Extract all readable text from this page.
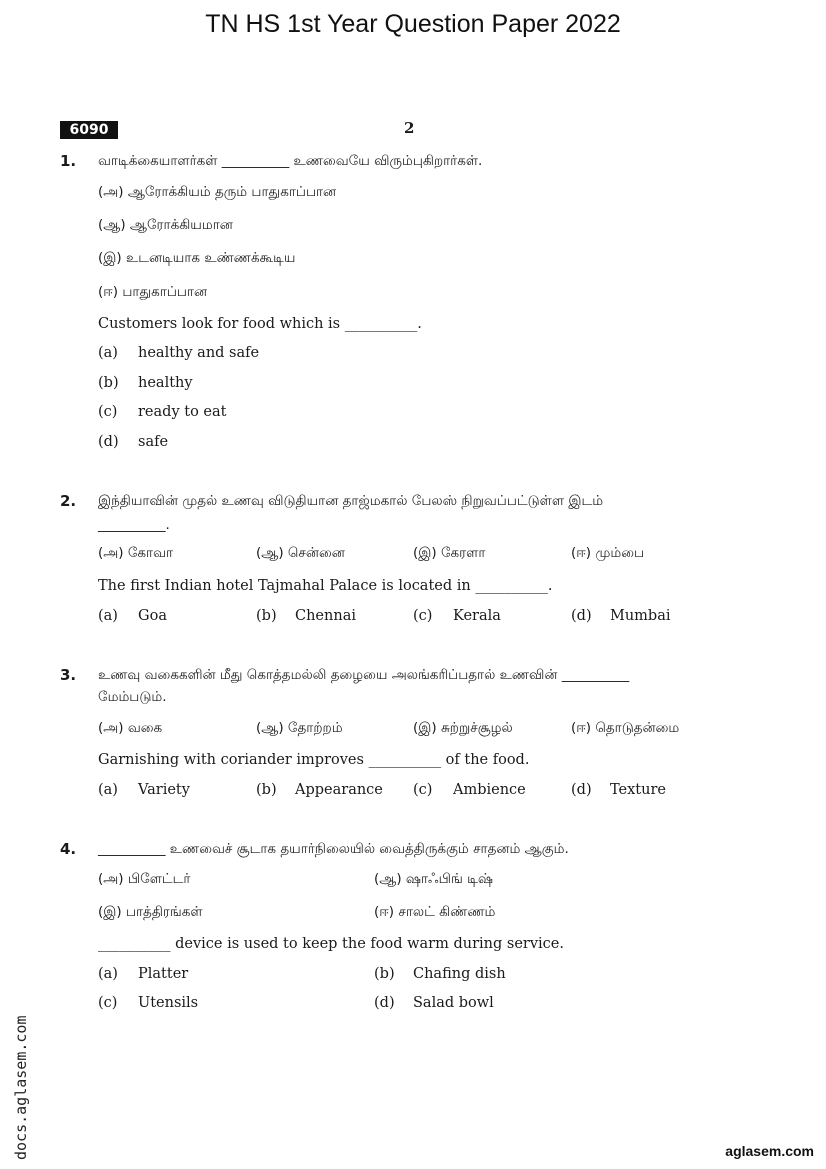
TN HS 1st Year Question Paper 2022
6090	2
1. வாடிக்கையாளர்கள் __________ உணவையே விரும்புகிறார்கள்.
(அ) ஆரோக்கியம் தரும் பாதுகாப்பான
(ஆ) ஆரோக்கியமான
(இ) உடனடியாக உண்ணக்கூடிய
(ஈ) பாதுகாப்பான
Customers look for food which is __________.
(a) healthy and safe
(b) healthy
(c) ready to eat
(d) safe
2. இந்தியாவின் முதல் உணவு விடுதியான தாஜ்மகால் பேலஸ் நிறுவப்பட்டுள்ள இடம்
__________.
(அ) கோவா	(ஆ) சென்னை	(இ) கேரளா	(ஈ) மும்பை
The first Indian hotel Tajmahal Palace is located in __________.
(a) Goa	(b) Chennai	(c) Kerala	(d) Mumbai
3. உணவு வகைகளின் மீது கொத்தமல்லி தழையை அலங்கரிப்பதால் உணவின் __________
மேம்படும்.
(அ) வகை	(ஆ) தோற்றம்	(இ) சுற்றுச்சூழல்	(ஈ) தொடுதன்மை
Garnishing with coriander improves __________ of the food.
(a) Variety	(b) Appearance (c) Ambience	(d) Texture
4. __________ உணவைச் சூடாக தயார்நிலையில் வைத்திருக்கும் சாதனம் ஆகும்.
(அ) பிளேட்டர்	(ஆ) ஷாஃபிங் டிஷ்
(இ) பாத்திரங்கள்	(ஈ) சாலட் கிண்ணம்
__________ device is used to keep the food warm during service.
(a) Platter	(b) Chafing dish
(c) Utensils	(d) Salad bowl
docs.aglasem.com	aglasem.com
